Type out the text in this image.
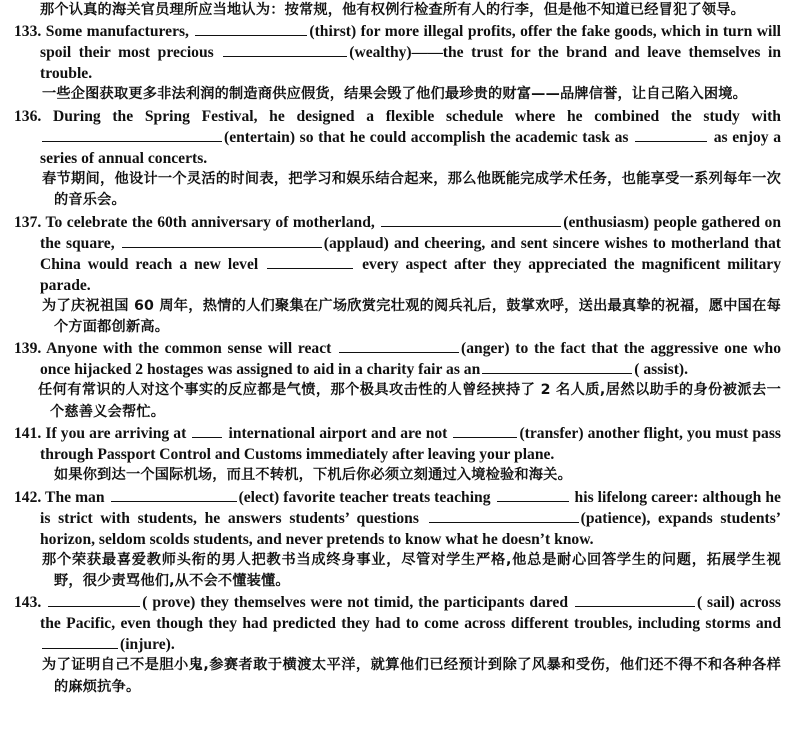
那个认真的海关官员理所应当地认为：按常规，他有权例行检查所有人的行李，但是他不知道已经冒犯了领导。

133. Some manufacturers,	(thirst) for more illegal profits, offer the fake goods, which in turn will spoil their most precious	(wealthy)——the trust for the brand and leave themselves in trouble.

一些企图获取更多非法利润的制造商供应假货，结果会毁了他们最珍贵的财富——品牌信誉，让自己陷入困境。

136. During the Spring Festival, he designed a flexible schedule where he combined the study with (entertain) so that he could accomplish the academic task as	as enjoy a series of annual concerts.

春节期间，他设计一个灵活的时间表，把学习和娱乐结合起来，那么他既能完成学术任务，也能享受一系列每年一次的音乐会。

137. To celebrate the 60th anniversary of motherland,	(enthusiasm) people gathered on the square,	(applaud) and cheering, and sent sincere wishes to motherland that China would reach a new level	every aspect after they appreciated the magnificent military parade.

为了庆祝祖国 60 周年，热情的人们聚集在广场欣赏完壮观的阅兵礼后，鼓掌欢呼，送出最真挚的祝福，愿中国在每个方面都创新高。

139. Anyone with the common sense will react	(anger) to the fact that the aggressive one who once hijacked 2 hostages was assigned to aid in a charity fair as an	( assist).

任何有常识的人对这个事实的反应都是气愤，那个极具攻击性的人曾经挟持了 2 名人质,居然以助手的身份被派去一个慈善义会帮忙。

141. If you are arriving at  international airport and are not	(transfer) another flight, you must pass through Passport Control and Customs immediately after leaving your plane.

如果你到达一个国际机场，而且不转机，下机后你必须立刻通过入境检验和海关。

142. The man	(elect) favorite teacher treats teaching	his lifelong career: although he is strict with students, he answers students’ questions	(patience), expands students’ horizon, seldom scolds students, and never pretends to know what he doesn’t know.

那个荣获最喜爱教师头衔的男人把教书当成终身事业，尽管对学生严格,他总是耐心回答学生的问题，拓展学生视野，很少责骂他们,从不会不懂装懂。

143.	( prove) they themselves were not timid, the participants dared	( sail) across the Pacific, even though they had predicted they had to come across different troubles, including storms and (injure).

为了证明自己不是胆小鬼,参赛者敢于横渡太平洋，就算他们已经预计到除了风暴和受伤，他们还不得不和各种各样的麻烦抗争。
